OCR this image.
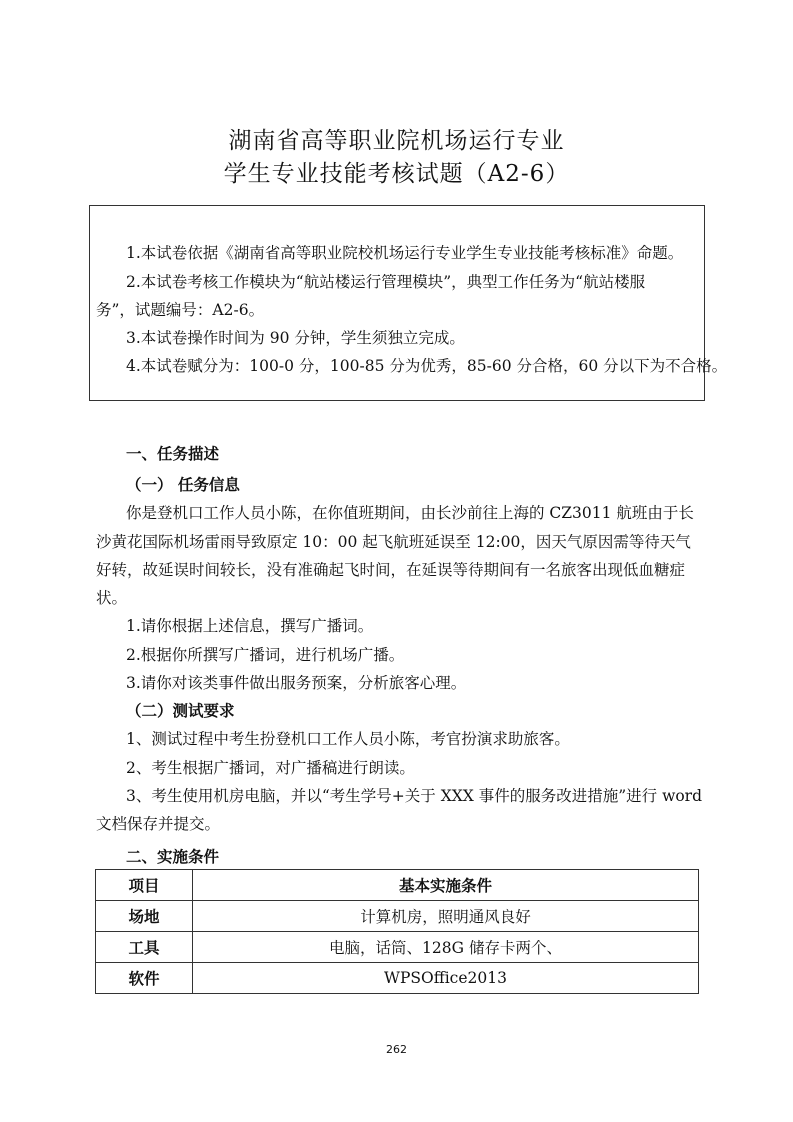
湖南省高等职业院机场运行专业
学生专业技能考核试题（A2-6）

1.本试卷依据《湖南省高等职业院校机场运行专业学生专业技能考核标准》命题。

2.本试卷考核工作模块为“航站楼运行管理模块”，典型工作任务为“航站楼服

务”，试题编号：A2-6。

3.本试卷操作时间为 90 分钟，学生须独立完成。

4.本试卷赋分为：100-0 分，100-85 分为优秀，85-60 分合格，60 分以下为不合格。

一、任务描述
（一） 任务信息
你是登机口工作人员小陈，在你值班期间，由长沙前往上海的 CZ3011 航班由于长
沙黄花国际机场雷雨导致原定 10：00 起飞航班延误至 12:00，因天气原因需等待天气
好转，故延误时间较长，没有准确起飞时间，在延误等待期间有一名旅客出现低血糖症
状。
1.请你根据上述信息，撰写广播词。
2.根据你所撰写广播词，进行机场广播。
3.请你对该类事件做出服务预案，分析旅客心理。
（二）测试要求
1、测试过程中考生扮登机口工作人员小陈，考官扮演求助旅客。
2、考生根据广播词，对广播稿进行朗读。
3、考生使用机房电脑，并以“考生学号+关于 XXX 事件的服务改进措施”进行 word
文档保存并提交。
二、实施条件
项目	基本实施条件
场地	计算机房，照明通风良好
工具	电脑，话筒、128G 储存卡两个、
软件	WPSOffice2013
262
